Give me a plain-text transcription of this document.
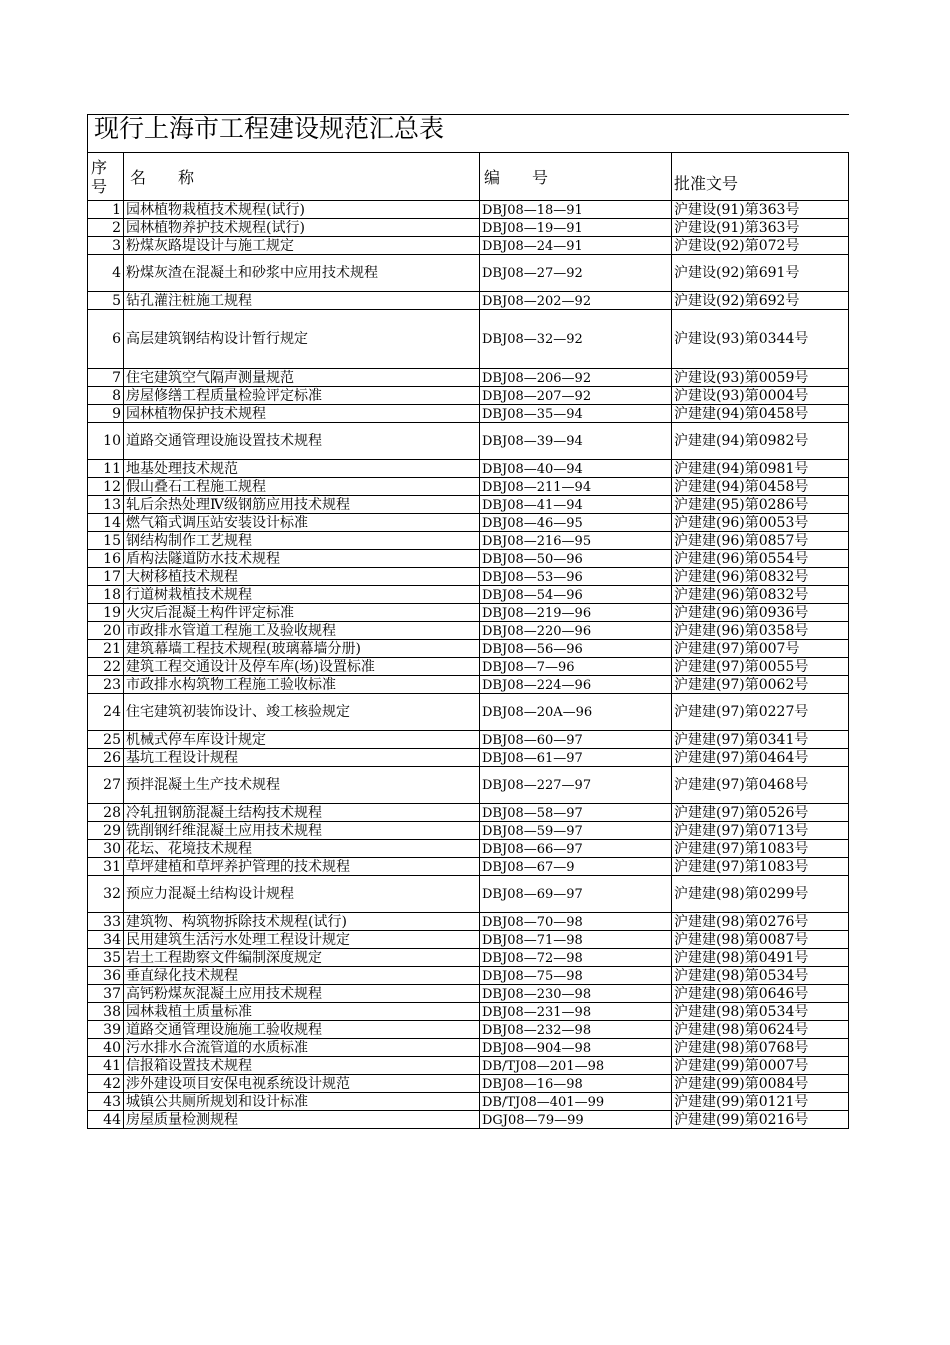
现行上海市工程建设规范汇总表
序号	名　　称	编　　号	批准文号
1	园林植物栽植技术规程(试行)	DBJ08—18—91	沪建设(91)第363号
2	园林植物养护技术规程(试行)	DBJ08—19—91	沪建设(91)第363号
3	粉煤灰路堤设计与施工规定	DBJ08—24—91	沪建设(92)第072号
4	粉煤灰渣在混凝土和砂浆中应用技术规程	DBJ08—27—92	沪建设(92)第691号
5	钻孔灌注桩施工规程	DBJ08—202—92	沪建设(92)第692号
6	高层建筑钢结构设计暂行规定	DBJ08—32—92	沪建设(93)第0344号
7	住宅建筑空气隔声测量规范	DBJ08—206—92	沪建设(93)第0059号
8	房屋修缮工程质量检验评定标准	DBJ08—207—92	沪建设(93)第0004号
9	园林植物保护技术规程	DBJ08—35—94	沪建建(94)第0458号
10	道路交通管理设施设置技术规程	DBJ08—39—94	沪建建(94)第0982号
11	地基处理技术规范	DBJ08—40—94	沪建建(94)第0981号
12	假山叠石工程施工规程	DBJ08—211—94	沪建建(94)第0458号
13	轧后余热处理Ⅳ级钢筋应用技术规程	DBJ08—41—94	沪建建(95)第0286号
14	燃气箱式调压站安装设计标准	DBJ08—46—95	沪建建(96)第0053号
15	钢结构制作工艺规程	DBJ08—216—95	沪建建(96)第0857号
16	盾构法隧道防水技术规程	DBJ08—50—96	沪建建(96)第0554号
17	大树移植技术规程	DBJ08—53—96	沪建建(96)第0832号
18	行道树栽植技术规程	DBJ08—54—96	沪建建(96)第0832号
19	火灾后混凝土构件评定标准	DBJ08—219—96	沪建建(96)第0936号
20	市政排水管道工程施工及验收规程	DBJ08—220—96	沪建建(96)第0358号
21	建筑幕墙工程技术规程(玻璃幕墙分册)	DBJ08—56—96	沪建建(97)第007号
22	建筑工程交通设计及停车库(场)设置标准	DBJ08—7—96	沪建建(97)第0055号
23	市政排水构筑物工程施工验收标准	DBJ08—224—96	沪建建(97)第0062号
24	住宅建筑初装饰设计、竣工核验规定	DBJ08—20A—96	沪建建(97)第0227号
25	机械式停车库设计规定	DBJ08—60—97	沪建建(97)第0341号
26	基坑工程设计规程	DBJ08—61—97	沪建建(97)第0464号
27	预拌混凝土生产技术规程	DBJ08—227—97	沪建建(97)第0468号
28	冷轧扭钢筋混凝土结构技术规程	DBJ08—58—97	沪建建(97)第0526号
29	铣削钢纤维混凝土应用技术规程	DBJ08—59—97	沪建建(97)第0713号
30	花坛、花境技术规程	DBJ08—66—97	沪建建(97)第1083号
31	草坪建植和草坪养护管理的技术规程	DBJ08—67—9	沪建建(97)第1083号
32	预应力混凝土结构设计规程	DBJ08—69—97	沪建建(98)第0299号
33	建筑物、构筑物拆除技术规程(试行)	DBJ08—70—98	沪建建(98)第0276号
34	民用建筑生活污水处理工程设计规定	DBJ08—71—98	沪建建(98)第0087号
35	岩土工程勘察文件编制深度规定	DBJ08—72—98	沪建建(98)第0491号
36	垂直绿化技术规程	DBJ08—75—98	沪建建(98)第0534号
37	高钙粉煤灰混凝土应用技术规程	DBJ08—230—98	沪建建(98)第0646号
38	园林栽植土质量标准	DBJ08—231—98	沪建建(98)第0534号
39	道路交通管理设施施工验收规程	DBJ08—232—98	沪建建(98)第0624号
40	污水排水合流管道的水质标准	DBJ08—904—98	沪建建(98)第0768号
41	信报箱设置技术规程	DB/TJ08—201—98	沪建建(99)第0007号
42	涉外建设项目安保电视系统设计规范	DBJ08—16—98	沪建建(99)第0084号
43	城镇公共厕所规划和设计标准	DB/TJ08—401—99	沪建建(99)第0121号
44	房屋质量检测规程	DGJ08—79—99	沪建建(99)第0216号
